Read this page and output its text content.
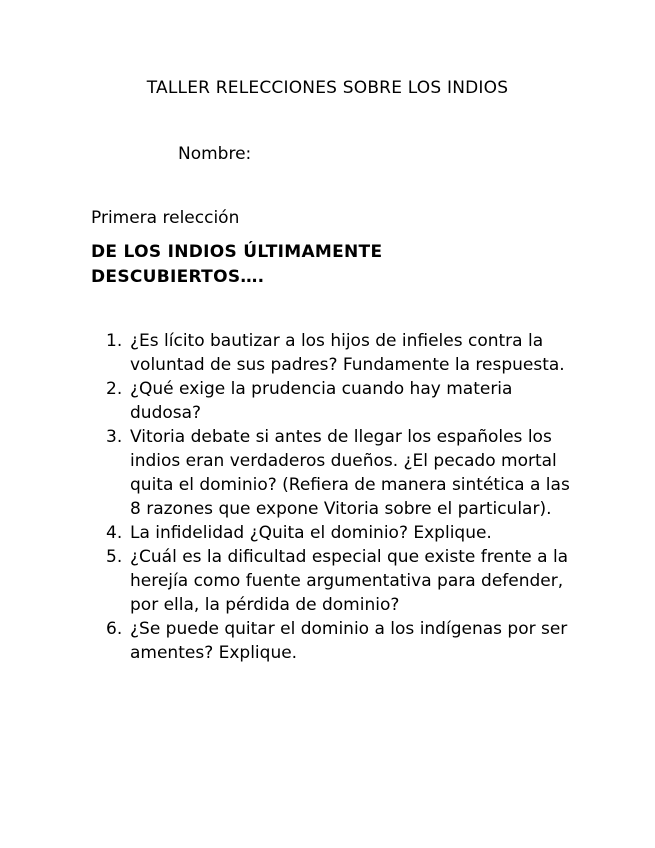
TALLER RELECCIONES SOBRE LOS INDIOS
Nombre:
Primera relección
DE LOS INDIOS ÚLTIMAMENTE
DESCUBIERTOS….
1. ¿Es lícito bautizar a los hijos de infieles contra la voluntad de sus padres? Fundamente la respuesta.
2. ¿Qué exige la prudencia cuando hay materia dudosa?
3. Vitoria debate si antes de llegar los españoles los indios eran verdaderos dueños. ¿El pecado mortal quita el dominio? (Refiera de manera sintética a las 8 razones que expone Vitoria sobre el particular).
4. La infidelidad ¿Quita el dominio? Explique.
5. ¿Cuál es la dificultad especial que existe frente a la herejía como fuente argumentativa para defender, por ella, la pérdida de dominio?
6. ¿Se puede quitar el dominio a los indígenas por ser amentes? Explique.
